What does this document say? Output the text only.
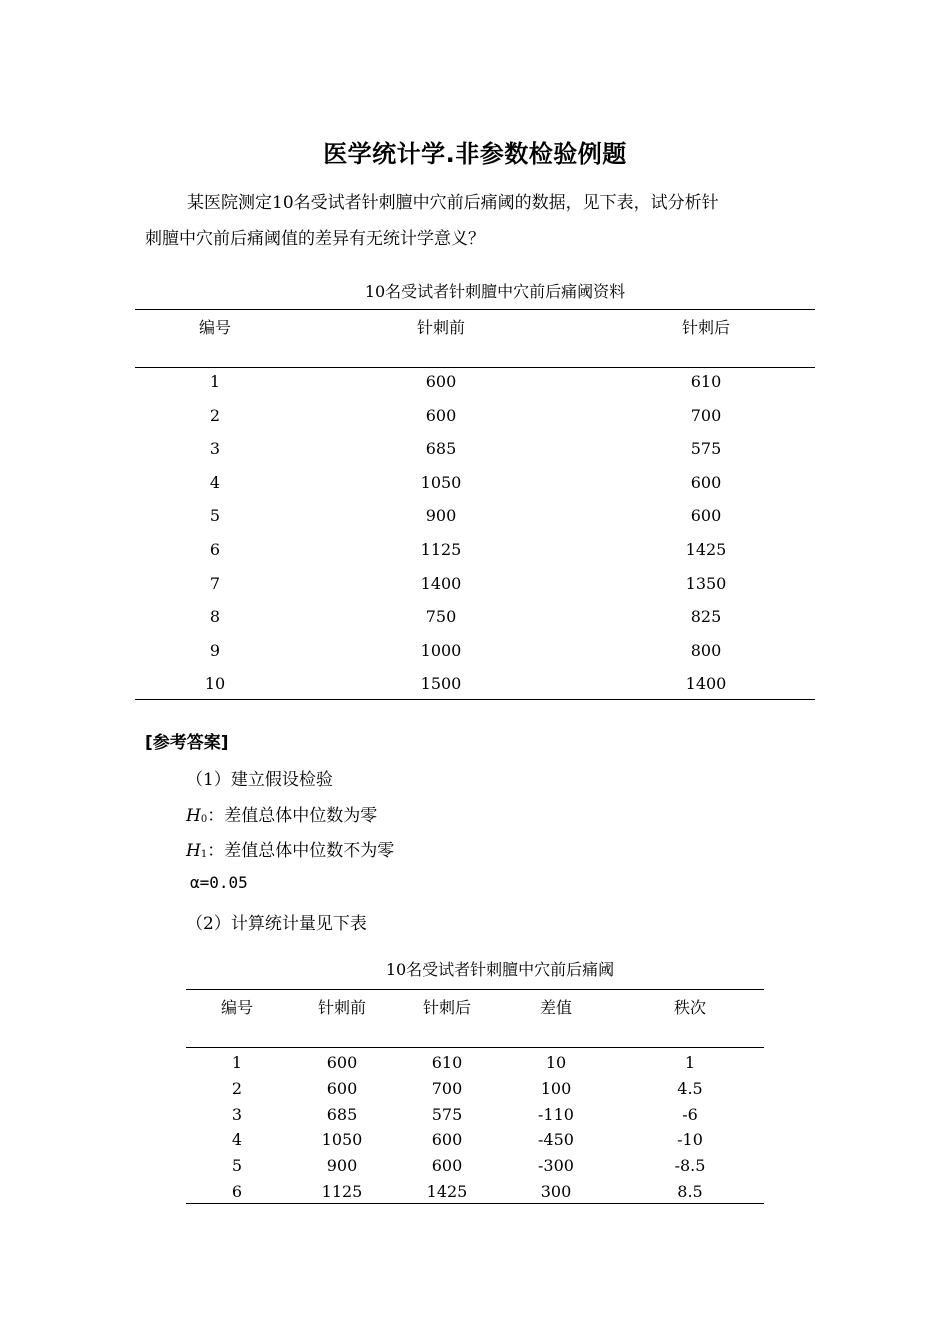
医学统计学.非参数检验例题
某医院测定10名受试者针刺膻中穴前后痛阈的数据，见下表，试分析针
刺膻中穴前后痛阈值的差异有无统计学意义？
10名受试者针刺膻中穴前后痛阈资料
编号	针刺前	针刺后
1	600	610
2	600	700
3	685	575
4	1050	600
5	900	600
6	1125	1425
7	1400	1350
8	750	825
9	1000	800
10	1500	1400
[参考答案]
（1）建立假设检验
H0：差值总体中位数为零
H1：差值总体中位数不为零
α=0.05
（2）计算统计量见下表
10名受试者针刺膻中穴前后痛阈
编号	针刺前	针刺后	差值	秩次
1	600	610	10	1
2	600	700	100	4.5
3	685	575	-110	-6
4	1050	600	-450	-10
5	900	600	-300	-8.5
6	1125	1425	300	8.5
